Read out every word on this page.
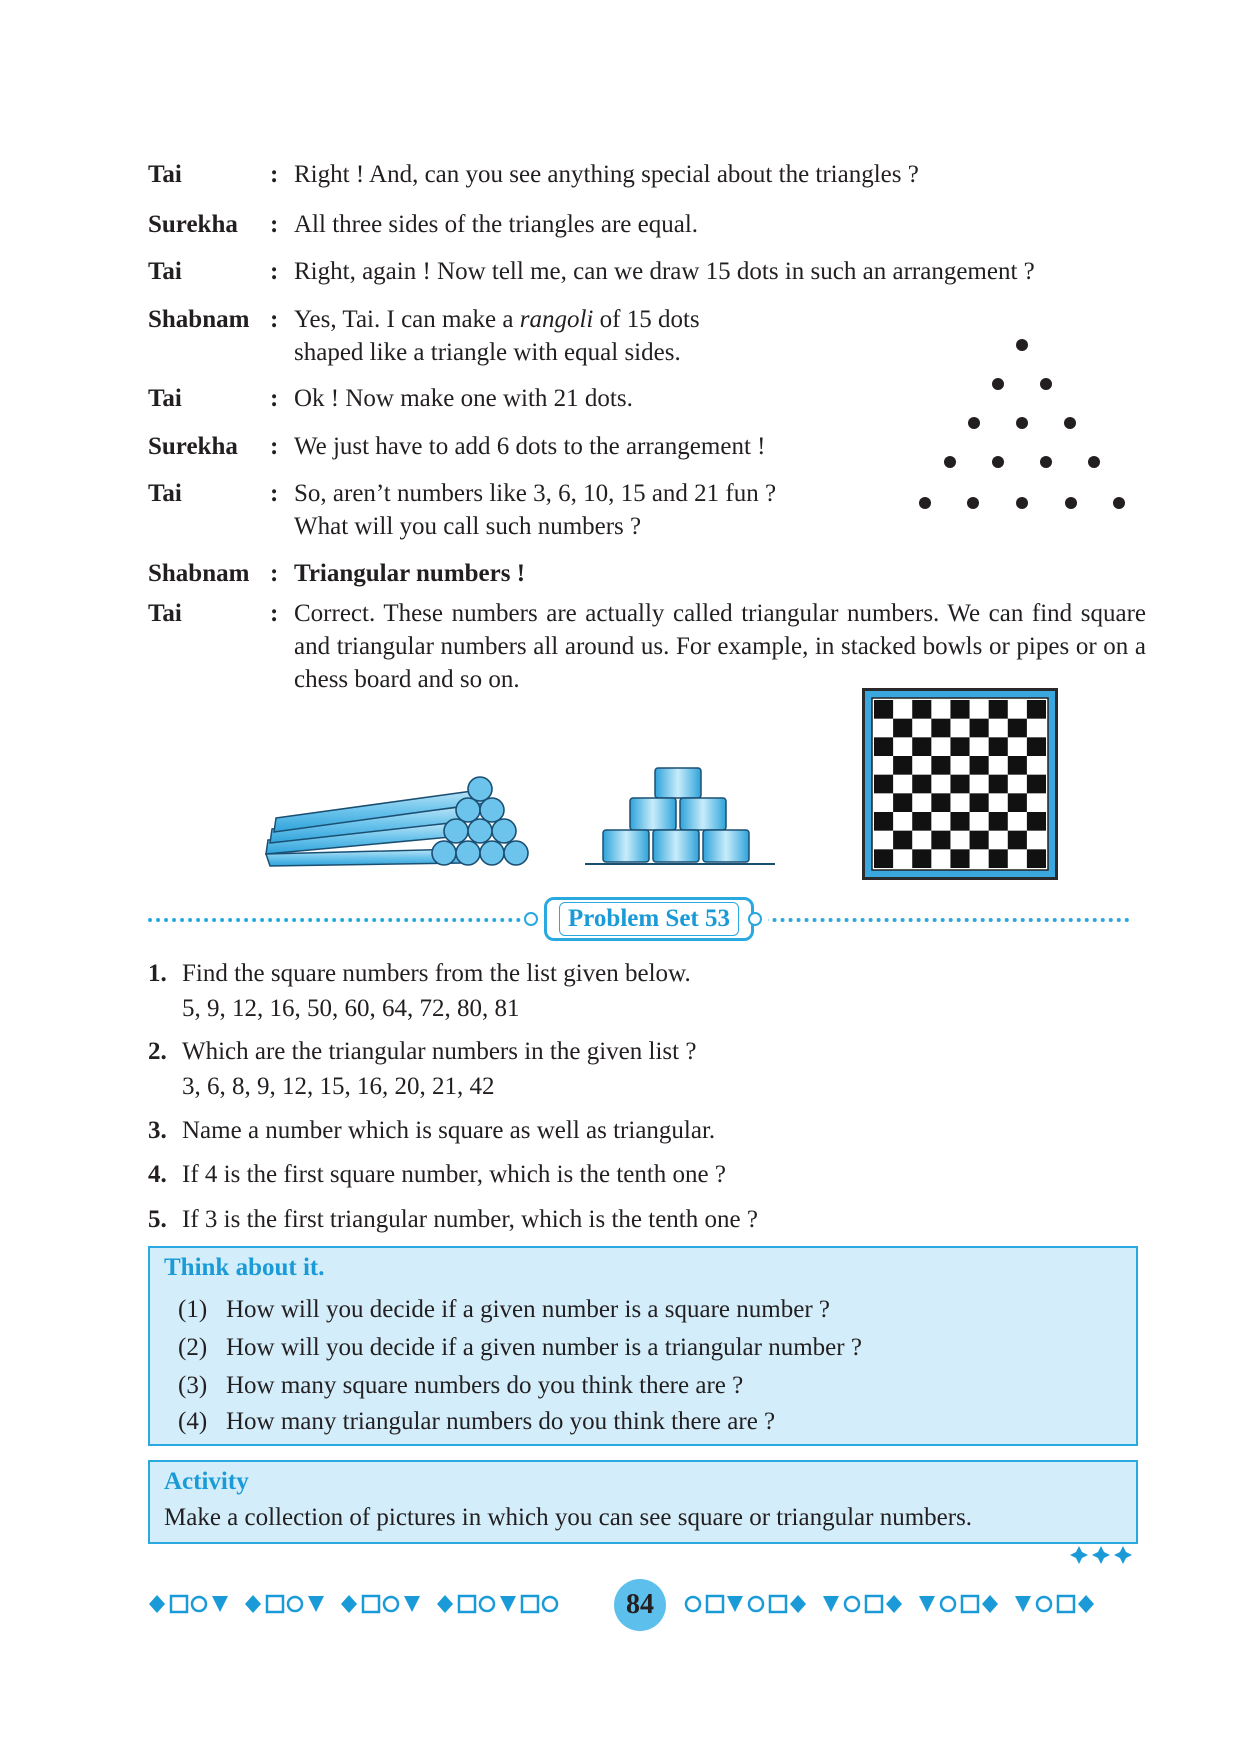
Tai	: Right ! And, can you see anything special about the triangles ?
Surekha : All three sides of the triangles are equal.
Tai	: Right, again ! Now tell me, can we draw 15 dots in such an arrangement ?
Shabnam : Yes, Tai. I can make a rangoli of 15 dots
shaped like a triangle with equal sides.
Tai	: Ok ! Now make one with 21 dots.
Surekha : We just have to add 6 dots to the arrangement !
Tai	: So, aren’t numbers like 3, 6, 10, 15 and 21 fun ?
What will you call such numbers ?
Shabnam : Triangular numbers !
Tai	: Correct. These numbers are actually called triangular numbers. We can find square and triangular numbers all around us. For example, in stacked bowls or pipes or on a chess board and so on.
Problem Set 53
1. Find the square numbers from the list given below.
5, 9, 12, 16, 50, 60, 64, 72, 80, 81
2. Which are the triangular numbers in the given list ?
3, 6, 8, 9, 12, 15, 16, 20, 21, 42
3. Name a number which is square as well as triangular.
4. If 4 is the first square number, which is the tenth one ?
5. If 3 is the first triangular number, which is the tenth one ?
Think about it.
(1) How will you decide if a given number is a square number ?
(2) How will you decide if a given number is a triangular number ?
(3) How many square numbers do you think there are ?
(4) How many triangular numbers do you think there are ?
Activity
Make a collection of pictures in which you can see square or triangular numbers.
84
